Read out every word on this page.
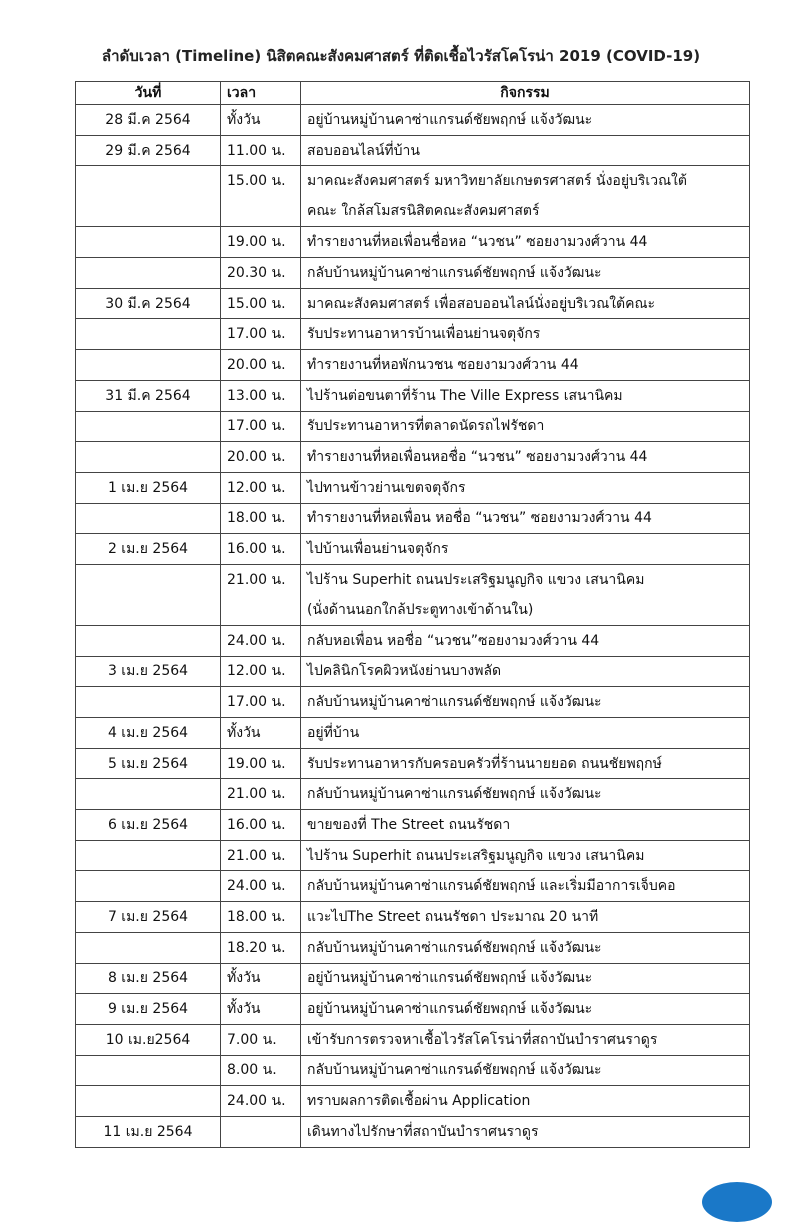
ลำดับเวลา (Timeline) นิสิตคณะสังคมศาสตร์ ที่ติดเชื้อไวรัสโคโรน่า 2019 (COVID-19)
วันที่	เวลา	กิจกรรม
28 มี.ค 2564	ทั้งวัน	อยู่บ้านหมู่บ้านคาซ่าแกรนด์ชัยพฤกษ์ แจ้งวัฒนะ
29 มี.ค 2564	11.00 น.	สอบออนไลน์ที่บ้าน
	15.00 น.	มาคณะสังคมศาสตร์ มหาวิทยาลัยเกษตรศาสตร์ นั่งอยู่บริเวณใต้
คณะ ใกล้สโมสรนิสิตคณะสังคมศาสตร์

	19.00 น.	ทำรายงานที่หอเพื่อนชื่อหอ “นวชน” ซอยงามวงศ์วาน 44
	20.30 น.	กลับบ้านหมู่บ้านคาซ่าแกรนด์ชัยพฤกษ์ แจ้งวัฒนะ
30 มี.ค 2564	15.00 น.	มาคณะสังคมศาสตร์ เพื่อสอบออนไลน์นั่งอยู่บริเวณใต้คณะ
	17.00 น.	รับประทานอาหารบ้านเพื่อนย่านจตุจักร
	20.00 น.	ทำรายงานที่หอพักนวชน ซอยงามวงศ์วาน 44
31 มี.ค 2564	13.00 น.	ไปร้านต่อขนตาที่ร้าน The Ville Express เสนานิคม
	17.00 น.	รับประทานอาหารที่ตลาดนัดรถไฟรัชดา
	20.00 น.	ทำรายงานที่หอเพื่อนหอชื่อ “นวชน” ซอยงามวงศ์วาน 44
1 เม.ย 2564	12.00 น.	ไปทานข้าวย่านเขตจตุจักร
	18.00 น.	ทำรายงานที่หอเพื่อน หอชื่อ “นวชน” ซอยงามวงศ์วาน 44
2 เม.ย 2564	16.00 น.	ไปบ้านเพื่อนย่านจตุจักร
	21.00 น.	ไปร้าน Superhit ถนนประเสริฐมนูญกิจ แขวง เสนานิคม
(นั่งด้านนอกใกล้ประตูทางเข้าด้านใน)

	24.00 น.	กลับหอเพื่อน หอชื่อ “นวชน”ซอยงามวงศ์วาน 44
3 เม.ย 2564	12.00 น.	ไปคลินิกโรคผิวหนังย่านบางพลัด
	17.00 น.	กลับบ้านหมู่บ้านคาซ่าแกรนด์ชัยพฤกษ์ แจ้งวัฒนะ
4 เม.ย 2564	ทั้งวัน	อยู่ที่บ้าน
5 เม.ย 2564	19.00 น.	รับประทานอาหารกับครอบครัวที่ร้านนายยอด ถนนชัยพฤกษ์
	21.00 น.	กลับบ้านหมู่บ้านคาซ่าแกรนด์ชัยพฤกษ์ แจ้งวัฒนะ
6 เม.ย 2564	16.00 น.	ขายของที่ The Street ถนนรัชดา
	21.00 น.	ไปร้าน Superhit ถนนประเสริฐมนูญกิจ แขวง เสนานิคม
	24.00 น.	กลับบ้านหมู่บ้านคาซ่าแกรนด์ชัยพฤกษ์ และเริ่มมีอาการเจ็บคอ
7 เม.ย 2564	18.00 น.	แวะไปThe Street ถนนรัชดา ประมาณ 20 นาที
	18.20 น.	กลับบ้านหมู่บ้านคาซ่าแกรนด์ชัยพฤกษ์ แจ้งวัฒนะ
8 เม.ย 2564	ทั้งวัน	อยู่บ้านหมู่บ้านคาซ่าแกรนด์ชัยพฤกษ์ แจ้งวัฒนะ
9 เม.ย 2564	ทั้งวัน	อยู่บ้านหมู่บ้านคาซ่าแกรนด์ชัยพฤกษ์ แจ้งวัฒนะ
10 เม.ย2564	7.00 น.	เข้ารับการตรวจหาเชื้อไวรัสโคโรน่าที่สถาบันบำราศนราดูร
	8.00 น.	กลับบ้านหมู่บ้านคาซ่าแกรนด์ชัยพฤกษ์ แจ้งวัฒนะ
	24.00 น.	ทราบผลการติดเชื้อผ่าน Application
11 เม.ย 2564		เดินทางไปรักษาที่สถาบันบำราศนราดูร
